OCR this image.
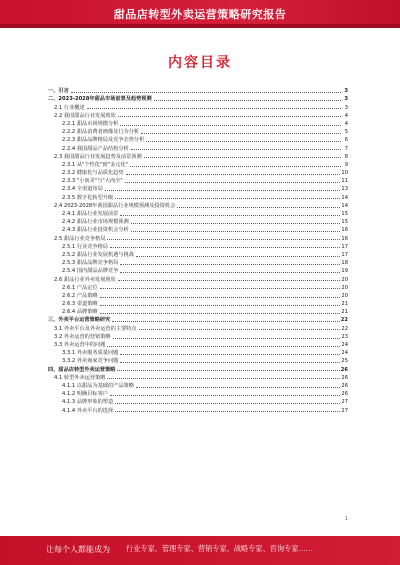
甜品店转型外卖运营策略研究报告
内容目录
一、引言	3
二、2023-2028年甜品市场前景及趋势预测	3
2.1 行业概述	3
2.2 我国甜品行业发展现状	4
2.2.1 甜品市场规模分析	4
2.2.2 甜品消费者画像及行为分析	5
2.2.3 甜品品牌格局及竞争态势分析	6
2.2.4 我国甜品产品结构分析	7
2.3 我国甜品行业发展趋势及前景预测	8
2.3.1 从"个性化"到"多元化"	9
2.3.2 健康化与品质化趋势	10
2.3.3 "小而美"与"大而全"	11
2.3.4 全渠道布局	13
2.3.5 数字化转型升级	14
2.4 2023-2028年我国甜品行业规模预测及投资机会	14
2.4.1 甜品行业发展前景	15
2.4.2 甜品行业市场规模预测	15
2.4.3 甜品行业投资机会分析	16
2.5 甜品行业竞争格局	16
2.5.1 行业竞争格局	17
2.5.2 甜品行业发展机遇与挑战	17
2.5.3 甜品品牌竞争格局	18
2.5.4 国内甜品品牌竞争	19
2.6 甜品行业外卖发展现状	20
2.6.1 产品定位	20
2.6.2 产品策略	20
2.6.3 渠道策略	21
2.6.4 品牌策略	21
三、外卖平台运营策略研究	22
3.1 外卖平台及外卖运营的主要特点	22
3.2 外卖运营的营销策略	23
3.3 外卖运营中的问题	24
3.3.1 外卖服务质量问题	24
3.3.2 外卖商家竞争问题	25
四、甜品店转型外卖运营策略	26
4.1 转型外卖运营策略	26
4.1.1 以甜品为基础的产品策略	26
4.1.2 明确目标客户	26
4.1.3 品牌形象的塑造	27
4.1.4 外卖平台的选择	27
1
让每个人都能成为 行业专家、管理专家、营销专家、战略专家、咨询专家……
